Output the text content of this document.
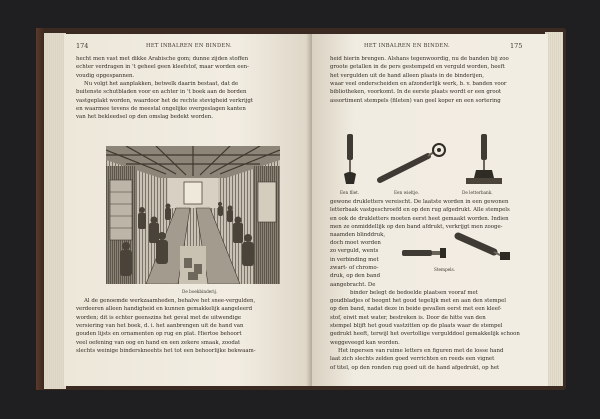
174	HET INBALREN EN BINDEN.

hecht men vast met dikke Arabische gom; dunne zijden stoffen

echter verdragen in 't geheel geen kleefstof, maar worden een-

voudig opgespannen.

Nu volgt het aanplakken, betwelk daarin bestaat, dat de

buitenste schutbladen voor en achter in 't boek aan de borden

vastgeplakt worden, waardoor het de rechte stevigheid verkrijgt

en waarmee tevens de meestal ongelijke overgeslagen kanten

van het beklеedsel op den omslag bedekt worden.

De boekbinderij.

Al de genoemde werkzaamheden, behalve het snee-vergulden,

verdeeren alleen handigheid en kunnen gemakkelijk aangeleerd

worden; dit is echter geenszins het geval met de uitwendige

versiering van het boek, d. i. het aanbrengen uit de hand van

gouden lijsts en ornamenten op rug en plat. Hiertoe behoort

veel oefening van oog en hand en een zekere smaak, zoodat

slechts weinige binderskneehts het tot een behoorlijke bekwaam-

HET INBALREN EN BINDEN.	175

heid hierin brengen. Alshans tegenwoordig, nu de banden bij zoo

groote getallen in de pers gestempeld en verguld worden, heeft

het vergulden uit de hand alleen plaats in de binderijen,

waar veel onderscheiden en afzonderlijk werk, b. v. banden voor

bibliotheken, voorkomt. In de eerste plaats wordt er een groot

assortiment stempels (fileten) van geel koper en een sortering

Een filet.	Een wieltje.	De letterbank.

gewone drukletters vereischt. De laatste worden in een gewonen

letterbaak vastgeschroefd en op den rug afgedrukt. Alle stempels

en ook de drukletters moeten eerst heet gemaakt worden. Indien

men ze onmiddellijk op den band afdrukt, verkrijgt men zoogе-

naamden blinddruk,

doch moet worden

zo verguld, wents

in verbinding met

zwart- of chromo-

druk, op den band

aangebracht. De

Stempels.

binder belegt de bedoelde plaatsen vooraf met

goudbladjes of beognt het goud tegelijk met en aan den stempel

op den band, nadat deze in beide gevallen eerst met een kleef-

stof, eiwit met water, bestreken is. Door de hitte van den

stempel blijft het goud vastzitten op de plaats waar de stempel

gedrukt heeft, terwijl het overtollige vergulddoel gemakkelijk schoon

weggeveegd kan worden.

Het inpersen van ruime letters en figuren met de losse hand

laat zich slechts zelden goed verrichten en reeds een vignet

of titel, op den ronden rug goed uit de hand afgedrukt, op het
